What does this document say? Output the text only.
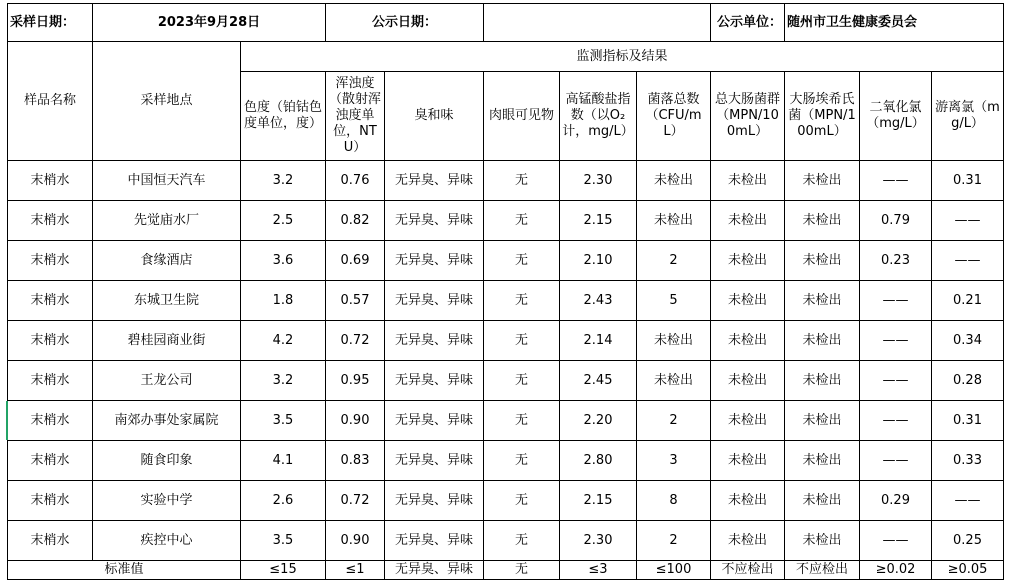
采样日期：	2023年9月28日		公示日期：					公示单位：	随州市卫生健康委员会		
样品名称	采样地点	监测指标及结果									
		色度（铂钴色度单位，度）	浑浊度（散射浑浊度单位，NTU）	臭和味	肉眼可见物	高锰酸盐指数（以O₂计，mg/L）	菌落总数（CFU/mL）	总大肠菌群（MPN/100mL）	大肠埃希氏菌（MPN/100mL）	二氧化氯（mg/L）	游离氯（mg/L）
末梢水	中国恒天汽车	3.2	0.76	无异臭、异味	无	2.30	未检出	未检出	未检出	——	0.31
末梢水	先觉庙水厂	2.5	0.82	无异臭、异味	无	2.15	未检出	未检出	未检出	0.79	——
末梢水	食缘酒店	3.6	0.69	无异臭、异味	无	2.10	2	未检出	未检出	0.23	——
末梢水	东城卫生院	1.8	0.57	无异臭、异味	无	2.43	5	未检出	未检出	——	0.21
末梢水	碧桂园商业街	4.2	0.72	无异臭、异味	无	2.14	未检出	未检出	未检出	——	0.34
末梢水	王龙公司	3.2	0.95	无异臭、异味	无	2.45	未检出	未检出	未检出	——	0.28
末梢水	南郊办事处家属院	3.5	0.90	无异臭、异味	无	2.20	2	未检出	未检出	——	0.31
末梢水	随食印象	4.1	0.83	无异臭、异味	无	2.80	3	未检出	未检出	——	0.33
末梢水	实验中学	2.6	0.72	无异臭、异味	无	2.15	8	未检出	未检出	0.29	——
末梢水	疾控中心	3.5	0.90	无异臭、异味	无	2.30	2	未检出	未检出	——	0.25
标准值		≤15	≤1	无异臭、异味	无	≤3	≤100	不应检出	不应检出	≥0.02	≥0.05
